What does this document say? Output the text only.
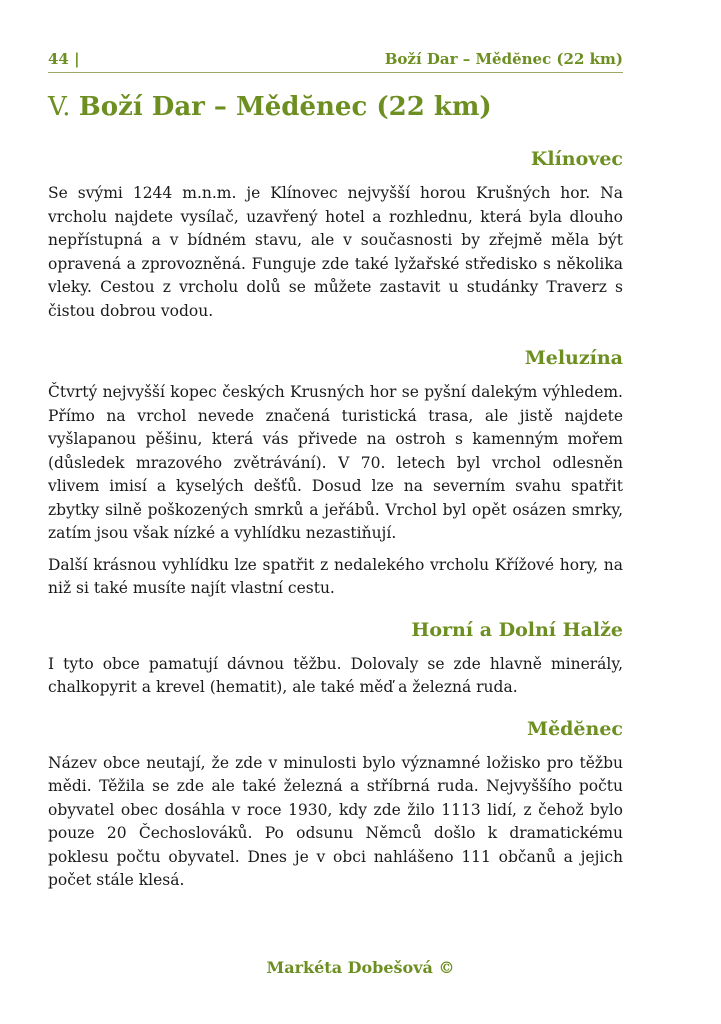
44 |	Boží Dar – Mědĕnec (22 km)
V. Boží Dar – Mědĕnec (22 km)
Klínovec

Se svými 1244 m.n.m. je Klínovec nejvyšší horou Krušných hor. Na vrcholu najdete vysílač, uzavřený hotel a rozhlednu, která byla dlouho nepřístupná a v bídném stavu, ale v současnosti by zřejmě měla být opravená a zprovozněná. Funguje zde také lyžařské středisko s několika vleky. Cestou z vrcholu dolů se můžete zastavit u studánky Traverz s čistou dobrou vodou.

Meluzína

Čtvrtý nejvyšší kopec českých Krusných hor se pyšní dalekým výhledem. Přímo na vrchol nevede značená turistická trasa, ale jistě najdete vyšlapanou pěšinu, která vás přivede na ostroh s kamenným mořem (důsledek mrazového zvětrávání). V 70. letech byl vrchol odlesněn vlivem imisí a kyselých dešťů. Dosud lze na severním svahu spatřit zbytky silně poškozených smrků a jeřábů. Vrchol byl opět osázen smrky, zatím jsou však nízké a vyhlídku nezastiňují.

Další krásnou vyhlídku lze spatřit z nedalekého vrcholu Křížové hory, na niž si také musíte najít vlastní cestu.

Horní a Dolní Halže

I tyto obce pamatují dávnou těžbu. Dolovaly se zde hlavně minerály, chalkopyrit a krevel (hematit), ale také měď a železná ruda.

Mědĕnec

Název obce neutají, že zde v minulosti bylo významné ložisko pro těžbu mědi. Těžila se zde ale také železná a stříbrná ruda. Nejvyššího počtu obyvatel obec dosáhla v roce 1930, kdy zde žilo 1113 lidí, z čehož bylo pouze 20 Čechoslováků. Po odsunu Němců došlo k dramatickému poklesu počtu obyvatel. Dnes je v obci nahlášeno 111 občanů a jejich počet stále klesá.

Markéta Dobešová ©
